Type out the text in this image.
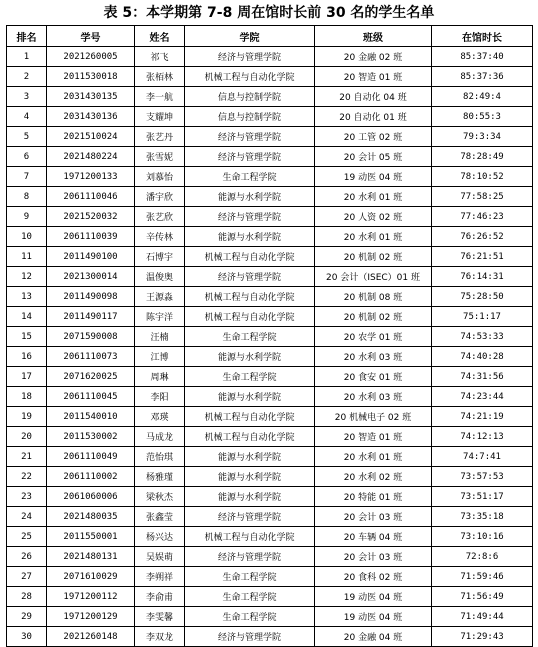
表 5：本学期第 7-8 周在馆时长前 30 名的学生名单
排名	学号	姓名	学院	班级	在馆时长
1	2021260005	祁飞	经济与管理学院	20 金融 02 班	85:37:40
2	2011530018	张栢林	机械工程与自动化学院	20 智造 01 班	85:37:36
3	2031430135	李一航	信息与控制学院	20 自动化 04 班	82:49:4
4	2031430136	支耀坤	信息与控制学院	20 自动化 01 班	80:55:3
5	2021510024	张艺丹	经济与管理学院	20 工管 02 班	79:3:34
6	2021480224	张雪妮	经济与管理学院	20 会计 05 班	78:28:49
7	1971200133	刘慕怡	生命工程学院	19 动医 04 班	78:10:52
8	2061110046	潘宇欣	能源与水利学院	20 水利 01 班	77:58:25
9	2021520032	张艺欣	经济与管理学院	20 人资 02 班	77:46:23
10	2061110039	辛传林	能源与水利学院	20 水利 01 班	76:26:52
11	2011490100	石博宇	机械工程与自动化学院	20 机制 02 班	76:21:51
12	2021300014	温俊奥	经济与管理学院	20 会计（ISEC）01 班	76:14:31
13	2011490098	王源淼	机械工程与自动化学院	20 机制 08 班	75:28:50
14	2011490117	陈宇洋	机械工程与自动化学院	20 机制 02 班	75:1:17
15	2071590008	汪楠	生命工程学院	20 农学 01 班	74:53:33
16	2061110073	江博	能源与水利学院	20 水利 03 班	74:40:28
17	2071620025	周琳	生命工程学院	20 食安 01 班	74:31:56
18	2061110045	李阳	能源与水利学院	20 水利 03 班	74:23:44
19	2011540010	邓瑛	机械工程与自动化学院	20 机械电子 02 班	74:21:19
20	2011530002	马成龙	机械工程与自动化学院	20 智造 01 班	74:12:13
21	2061110049	范怡琪	能源与水利学院	20 水利 01 班	74:7:41
22	2061110002	杨雅瑾	能源与水利学院	20 水利 02 班	73:57:53
23	2061060006	梁秋杰	能源与水利学院	20 特能 01 班	73:51:17
24	2021480035	张鑫莹	经济与管理学院	20 会计 03 班	73:35:18
25	2011550001	杨兴达	机械工程与自动化学院	20 车辆 04 班	73:10:16
26	2021480131	吴娱萌	经济与管理学院	20 会计 03 班	72:8:6
27	2071610029	李朔祥	生命工程学院	20 食科 02 班	71:59:46
28	1971200112	李俞甫	生命工程学院	19 动医 04 班	71:56:49
29	1971200129	李雯馨	生命工程学院	19 动医 04 班	71:49:44
30	2021260148	李双龙	经济与管理学院	20 金融 04 班	71:29:43
